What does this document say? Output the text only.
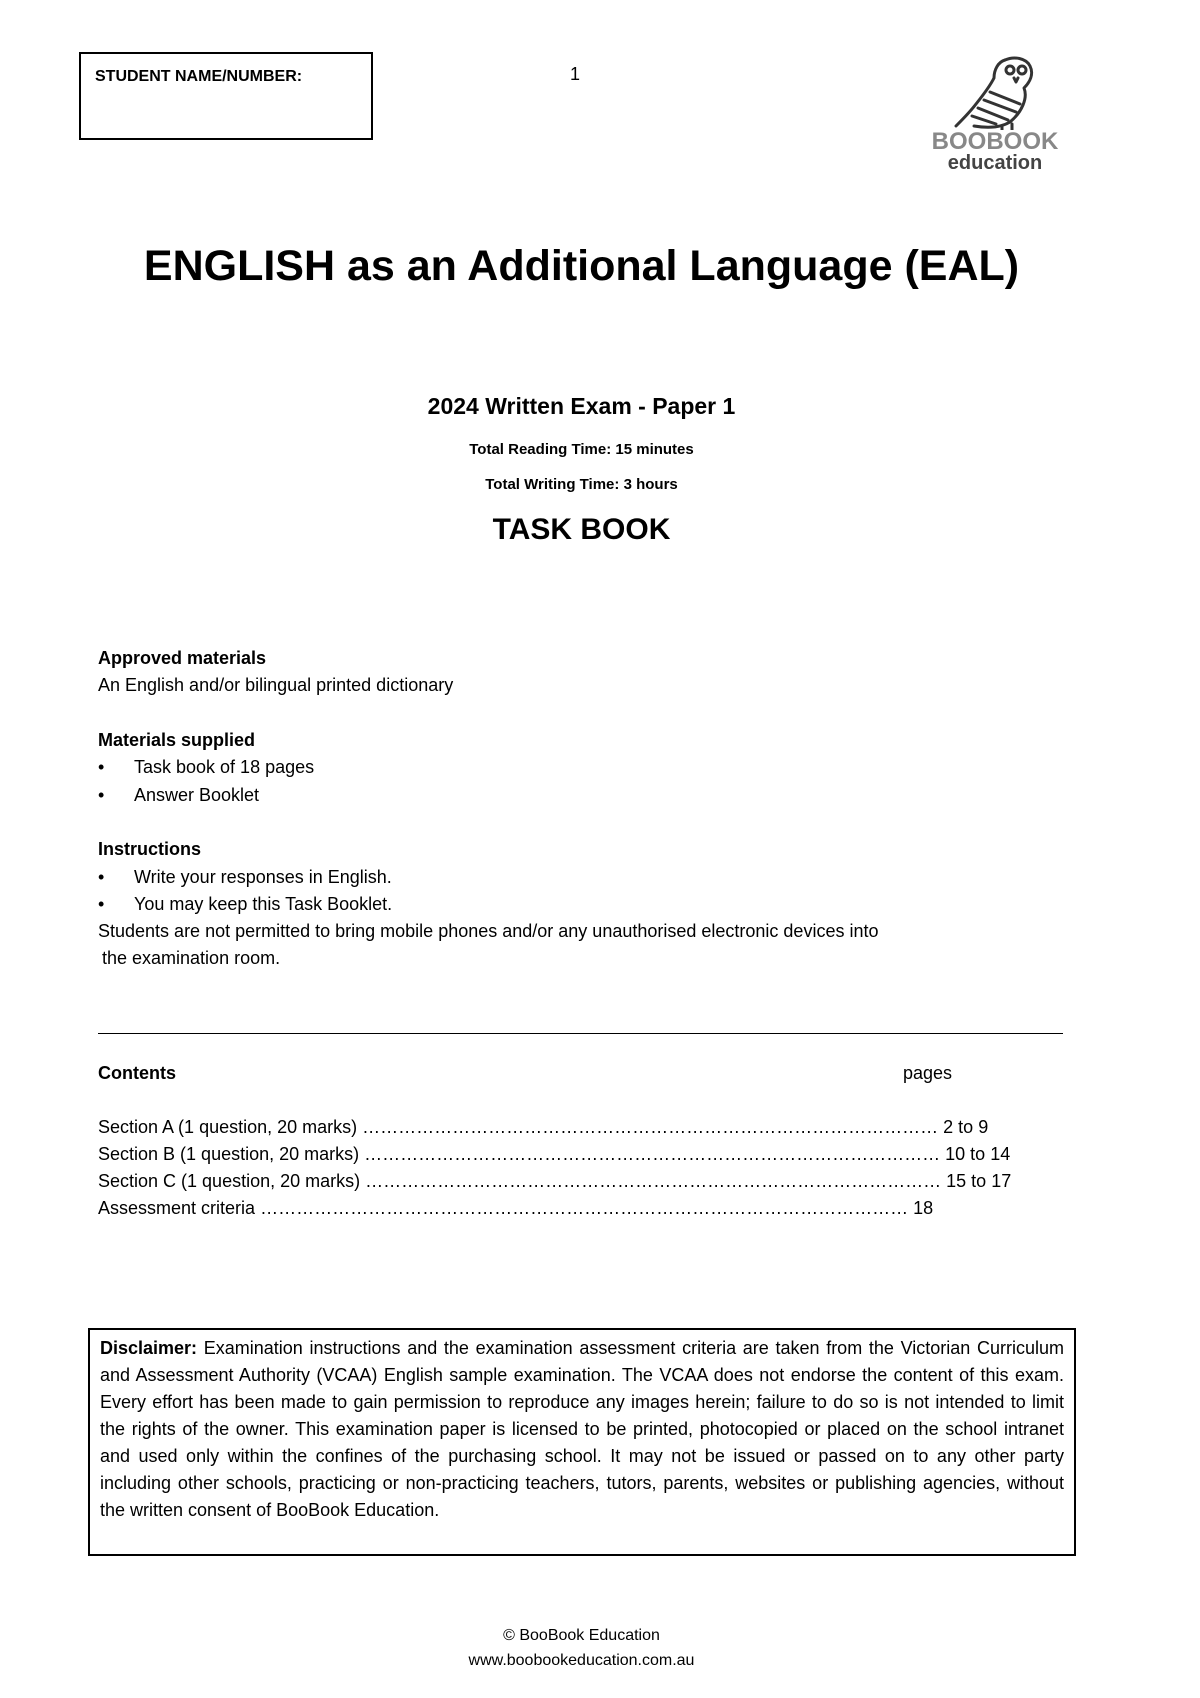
STUDENT NAME/NUMBER:	1
BOOBOOK
education
ENGLISH as an Additional Language (EAL)
2024 Written Exam - Paper 1
Total Reading Time: 15 minutes
Total Writing Time: 3 hours
TASK BOOK
Approved materials
An English and/or bilingual printed dictionary
Materials supplied
• Task book of 18 pages
• Answer Booklet
Instructions
• Write your responses in English.
• You may keep this Task Booklet.
Students are not permitted to bring mobile phones and/or any unauthorised electronic devices into
the examination room.
Contents	pages
Section A (1 question, 20 marks) …………………………………………………………………………………… 2 to 9
Section B (1 question, 20 marks) …………………………………………………………………………………… 10 to 14
Section C (1 question, 20 marks) …………………………………………………………………………………… 15 to 17
Assessment criteria ……………………………………………………………………………………………… 18
Disclaimer: Examination instructions and the examination assessment criteria are taken from the Victorian Curriculum and Assessment Authority (VCAA) English sample examination. The VCAA does not endorse the content of this exam. Every effort has been made to gain permission to reproduce any images herein; failure to do so is not intended to limit the rights of the owner. This examination paper is licensed to be printed, photocopied or placed on the school intranet and used only within the confines of the purchasing school. It may not be issued or passed on to any other party including other schools, practicing or non-practicing teachers, tutors, parents, websites or publishing agencies, without the written consent of BooBook Education.
© BooBook Education
www.boobookeducation.com.au
